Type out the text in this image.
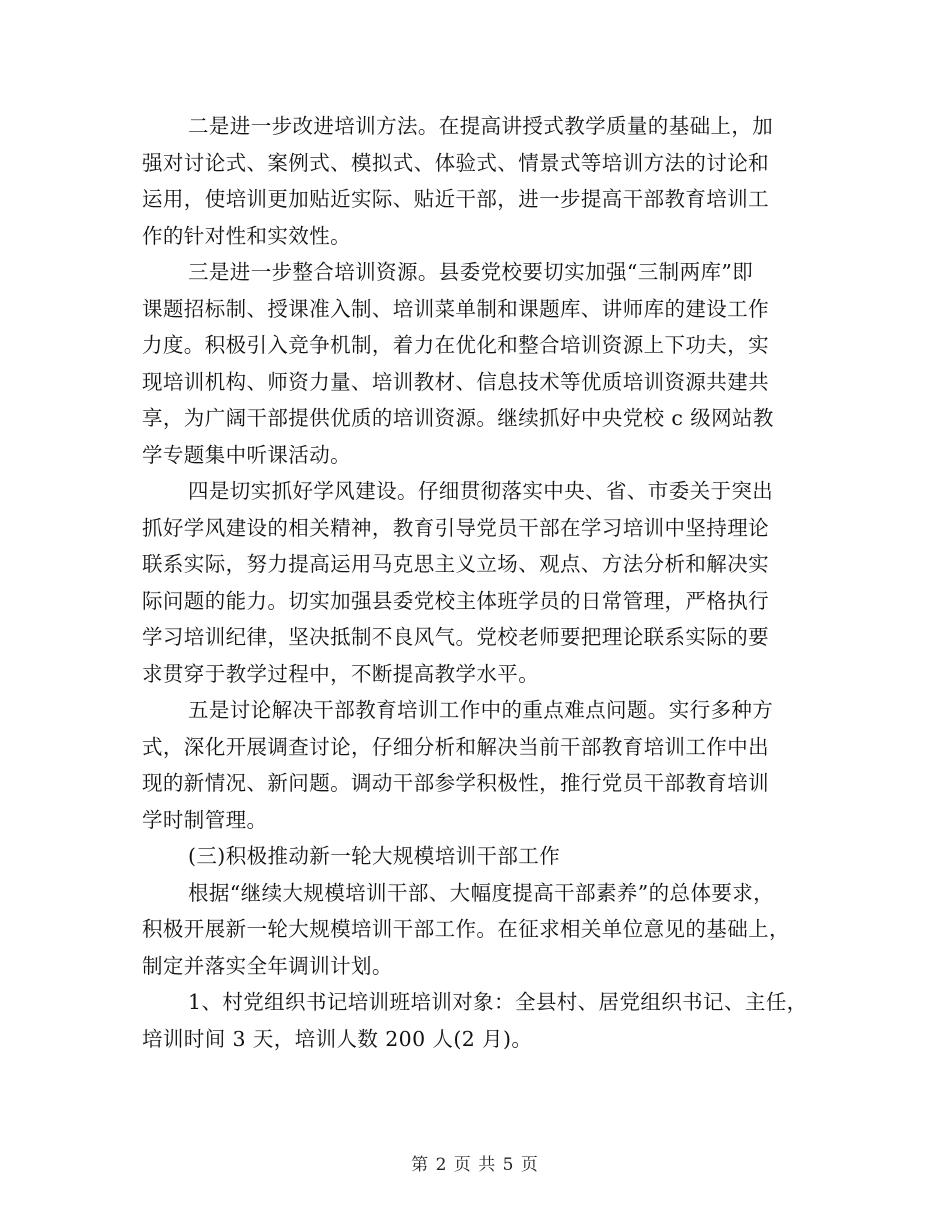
二是进一步改进培训方法。在提高讲授式教学质量的基础上，加
强对讨论式、案例式、模拟式、体验式、情景式等培训方法的讨论和
运用，使培训更加贴近实际、贴近干部，进一步提高干部教育培训工
作的针对性和实效性。
三是进一步整合培训资源。县委党校要切实加强“三制两库”即
课题招标制、授课准入制、培训菜单制和课题库、讲师库的建设工作
力度。积极引入竞争机制，着力在优化和整合培训资源上下功夫，实
现培训机构、师资力量、培训教材、信息技术等优质培训资源共建共
享，为广阔干部提供优质的培训资源。继续抓好中央党校 c 级网站教
学专题集中听课活动。
四是切实抓好学风建设。仔细贯彻落实中央、省、市委关于突出
抓好学风建设的相关精神，教育引导党员干部在学习培训中坚持理论
联系实际，努力提高运用马克思主义立场、观点、方法分析和解决实
际问题的能力。切实加强县委党校主体班学员的日常管理，严格执行
学习培训纪律，坚决抵制不良风气。党校老师要把理论联系实际的要
求贯穿于教学过程中，不断提高教学水平。
五是讨论解决干部教育培训工作中的重点难点问题。实行多种方
式，深化开展调查讨论，仔细分析和解决当前干部教育培训工作中出
现的新情况、新问题。调动干部参学积极性，推行党员干部教育培训
学时制管理。
(三)积极推动新一轮大规模培训干部工作
根据“继续大规模培训干部、大幅度提高干部素养”的总体要求，
积极开展新一轮大规模培训干部工作。在征求相关单位意见的基础上，
制定并落实全年调训计划。
1、村党组织书记培训班培训对象：全县村、居党组织书记、主任，
培训时间 3 天，培训人数 200 人(2 月)。
第 2 页 共 5 页
